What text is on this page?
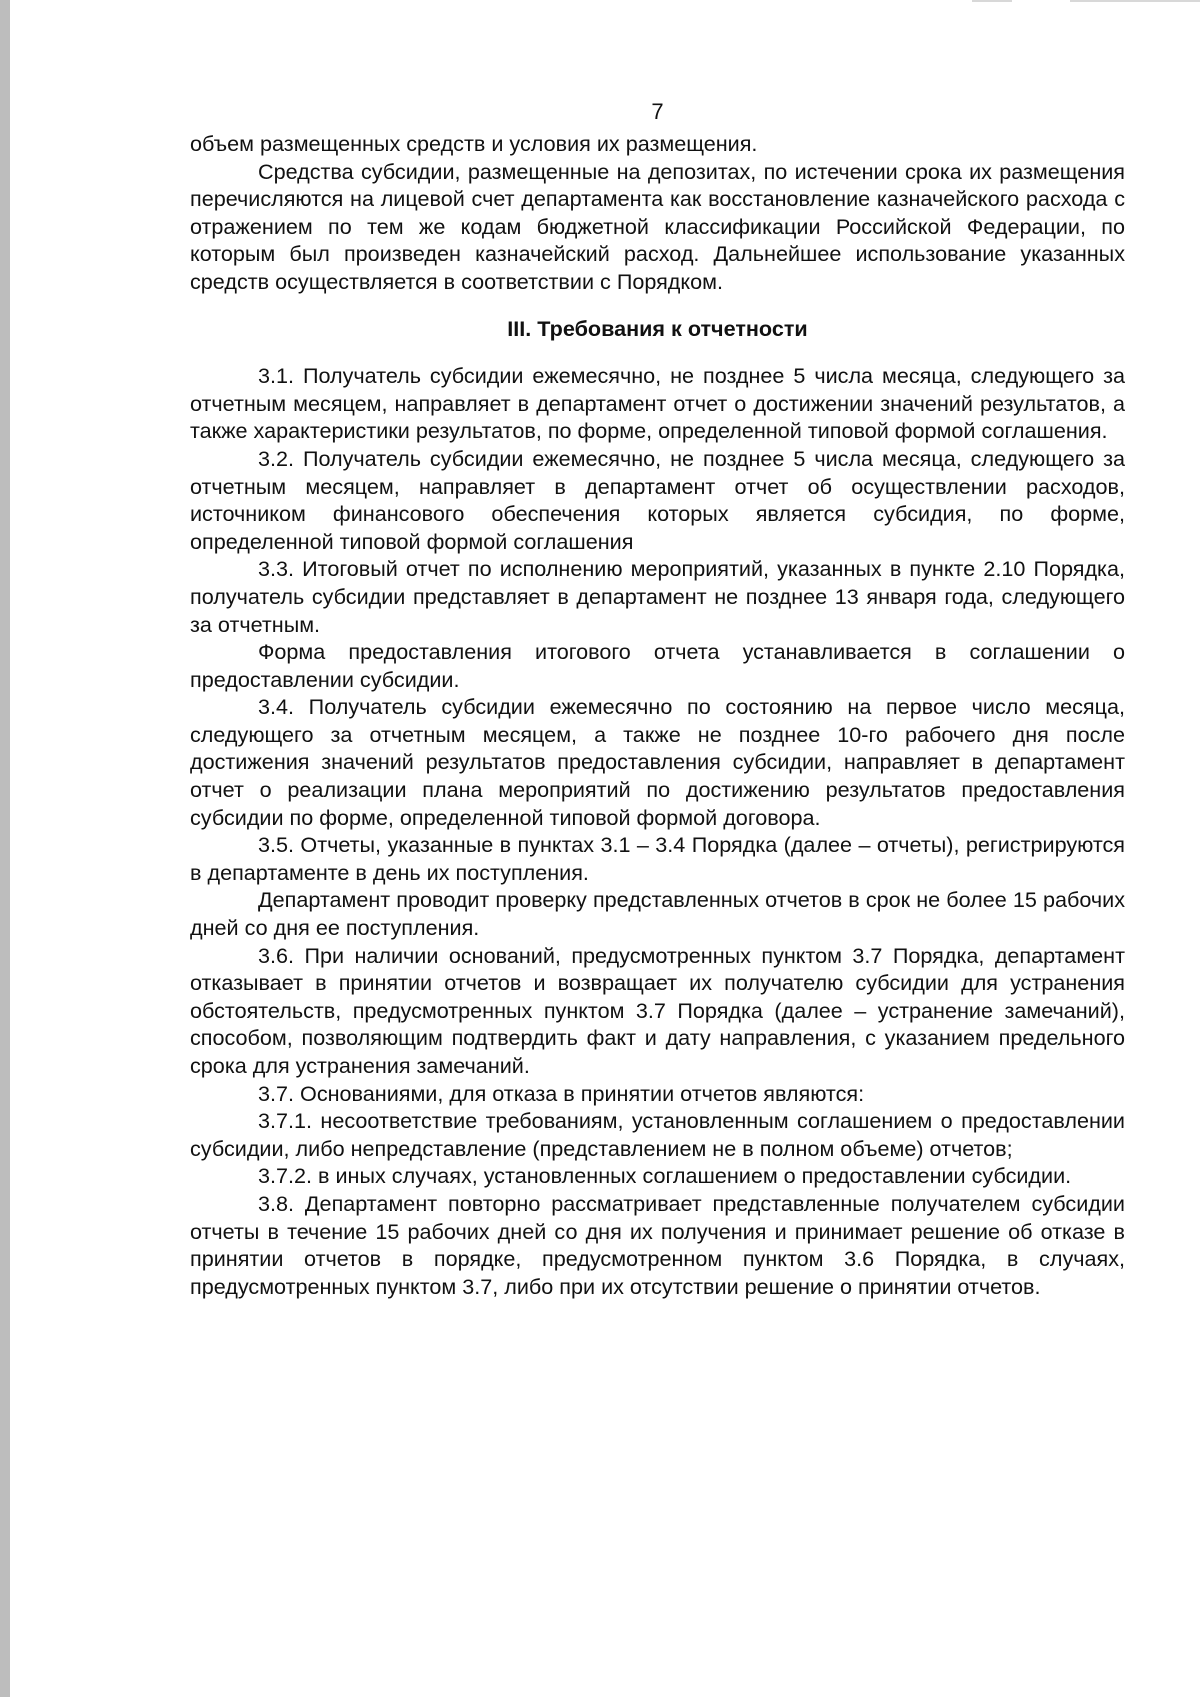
7

объем размещенных средств и условия их размещения.

Средства субсидии, размещенные на депозитах, по истечении срока их размещения перечисляются на лицевой счет департамента как восстановление казначейского расхода с отражением по тем же кодам бюджетной классификации Российской Федерации, по которым был произведен казначейский расход. Дальнейшее использование указанных средств осуществляется в соответствии с Порядком.

III. Требования к отчетности

3.1. Получатель субсидии ежемесячно, не позднее 5 числа месяца, следующего за отчетным месяцем, направляет в департамент отчет о достижении значений результатов, а также характеристики результатов, по форме, определенной типовой формой соглашения.

3.2. Получатель субсидии ежемесячно, не позднее 5 числа месяца, следующего за отчетным месяцем, направляет в департамент отчет об осуществлении расходов, источником финансового обеспечения которых является субсидия, по форме, определенной типовой формой соглашения

3.3. Итоговый отчет по исполнению мероприятий, указанных в пункте 2.10 Порядка, получатель субсидии представляет в департамент не позднее 13 января года, следующего за отчетным.

Форма предоставления итогового отчета устанавливается в соглашении о предоставлении субсидии.

3.4. Получатель субсидии ежемесячно по состоянию на первое число месяца, следующего за отчетным месяцем, а также не позднее 10-го рабочего дня после достижения значений результатов предоставления субсидии, направляет в департамент отчет о реализации плана мероприятий по достижению результатов предоставления субсидии по форме, определенной типовой формой договора.

3.5. Отчеты, указанные в пунктах 3.1 – 3.4 Порядка (далее – отчеты), регистрируются в департаменте в день их поступления.

Департамент проводит проверку представленных отчетов в срок не более 15 рабочих дней со дня ее поступления.

3.6. При наличии оснований, предусмотренных пунктом 3.7 Порядка, департамент отказывает в принятии отчетов и возвращает их получателю субсидии для устранения обстоятельств, предусмотренных пунктом 3.7 Порядка (далее – устранение замечаний), способом, позволяющим подтвердить факт и дату направления, с указанием предельного срока для устранения замечаний.

3.7. Основаниями, для отказа в принятии отчетов являются:

3.7.1. несоответствие требованиям, установленным соглашением о предоставлении субсидии, либо непредставление (представлением не в полном объеме) отчетов;

3.7.2. в иных случаях, установленных соглашением о предоставлении субсидии.

3.8. Департамент повторно рассматривает представленные получателем субсидии отчеты в течение 15 рабочих дней со дня их получения и принимает решение об отказе в принятии отчетов в порядке, предусмотренном пунктом 3.6 Порядка, в случаях, предусмотренных пунктом 3.7, либо при их отсутствии решение о принятии отчетов.
